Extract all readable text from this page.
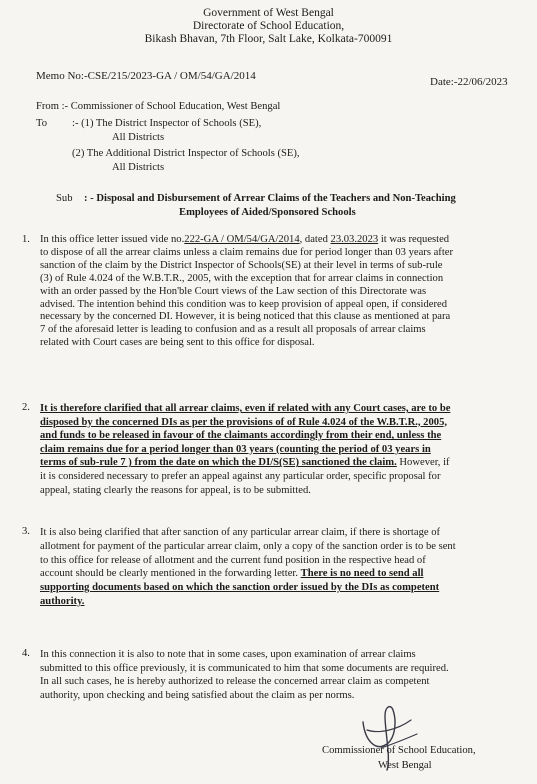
Government of West Bengal
Directorate of School Education,
Bikash Bhavan, 7th Floor, Salt Lake, Kolkata-700091
Memo No:-CSE/215/2023-GA / OM/54/GA/2014	Date:-22/06/2023
From :- Commissioner of School Education, West Bengal
To :- (1) The District Inspector of Schools (SE),
All Districts
(2) The Additional District Inspector of Schools (SE),
All Districts
Sub : - Disposal and Disbursement of Arrear Claims of the Teachers and Non-Teaching
Employees of Aided/Sponsored Schools
1. In this office letter issued vide no.222-GA / OM/54/GA/2014, dated 23.03.2023 it was requested
to dispose of all the arrear claims unless a claim remains due for period longer than 03 years after
sanction of the claim by the District Inspector of Schools(SE) at their level in terms of sub-rule
(3) of Rule 4.024 of the W.B.T.R., 2005, with the exception that for arrear claims in connection
with an order passed by the Hon'ble Court views of the Law section of this Directorate was
advised. The intention behind this condition was to keep provision of appeal open, if considered
necessary by the concerned DI. However, it is being noticed that this clause as mentioned at para
7 of the aforesaid letter is leading to confusion and as a result all proposals of arrear claims
related with Court cases are being sent to this office for disposal.
2. It is therefore clarified that all arrear claims, even if related with any Court cases, are to be
disposed by the concerned DIs as per the provisions of of Rule 4.024 of the W.B.T.R., 2005,
and funds to be released in favour of the claimants accordingly from their end, unless the
claim remains due for a period longer than 03 years (counting the period of 03 years in
terms of sub-rule 7 ) from the date on which the DI/S(SE) sanctioned the claim. However, if
it is considered necessary to prefer an appeal against any particular order, specific proposal for
appeal, stating clearly the reasons for appeal, is to be submitted.
3. It is also being clarified that after sanction of any particular arrear claim, if there is shortage of
allotment for payment of the particular arrear claim, only a copy of the sanction order is to be sent
to this office for release of allotment and the current fund position in the respective head of
account should be clearly mentioned in the forwarding letter. There is no need to send all
supporting documents based on which the sanction order issued by the DIs as competent
authority.
4. In this connection it is also to note that in some cases, upon examination of arrear claims
submitted to this office previously, it is communicated to him that some documents are required.
In all such cases, he is hereby authorized to release the concerned arrear claim as competent
authority, upon checking and being satisfied about the claim as per norms.
Commissioner of School Education,
West Bengal
